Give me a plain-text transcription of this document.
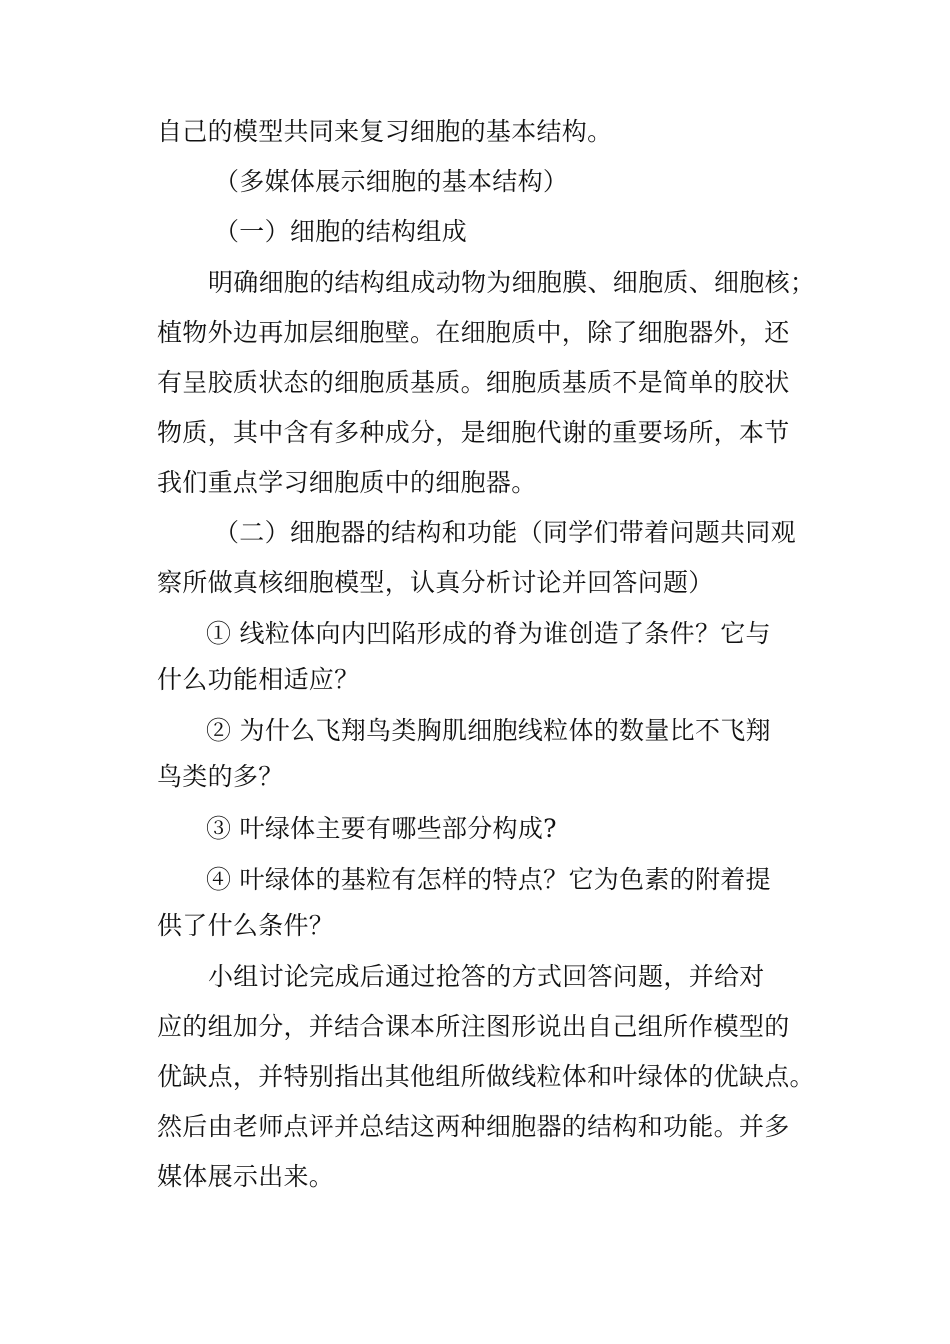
自己的模型共同来复习细胞的基本结构。
（多媒体展示细胞的基本结构）
（一）细胞的结构组成
明确细胞的结构组成动物为细胞膜、细胞质、细胞核；
植物外边再加层细胞壁。在细胞质中，除了细胞器外，还
有呈胶质状态的细胞质基质。细胞质基质不是简单的胶状
物质，其中含有多种成分，是细胞代谢的重要场所，本节
我们重点学习细胞质中的细胞器。
（二）细胞器的结构和功能（同学们带着问题共同观
察所做真核细胞模型，认真分析讨论并回答问题）
① 线粒体向内凹陷形成的脊为谁创造了条件？它与
什么功能相适应？
② 为什么飞翔鸟类胸肌细胞线粒体的数量比不飞翔
鸟类的多？
③ 叶绿体主要有哪些部分构成?
④ 叶绿体的基粒有怎样的特点？它为色素的附着提
供了什么条件？
小组讨论完成后通过抢答的方式回答问题，并给对
应的组加分，并结合课本所注图形说出自己组所作模型的
优缺点，并特别指出其他组所做线粒体和叶绿体的优缺点。
然后由老师点评并总结这两种细胞器的结构和功能。并多
媒体展示出来。
